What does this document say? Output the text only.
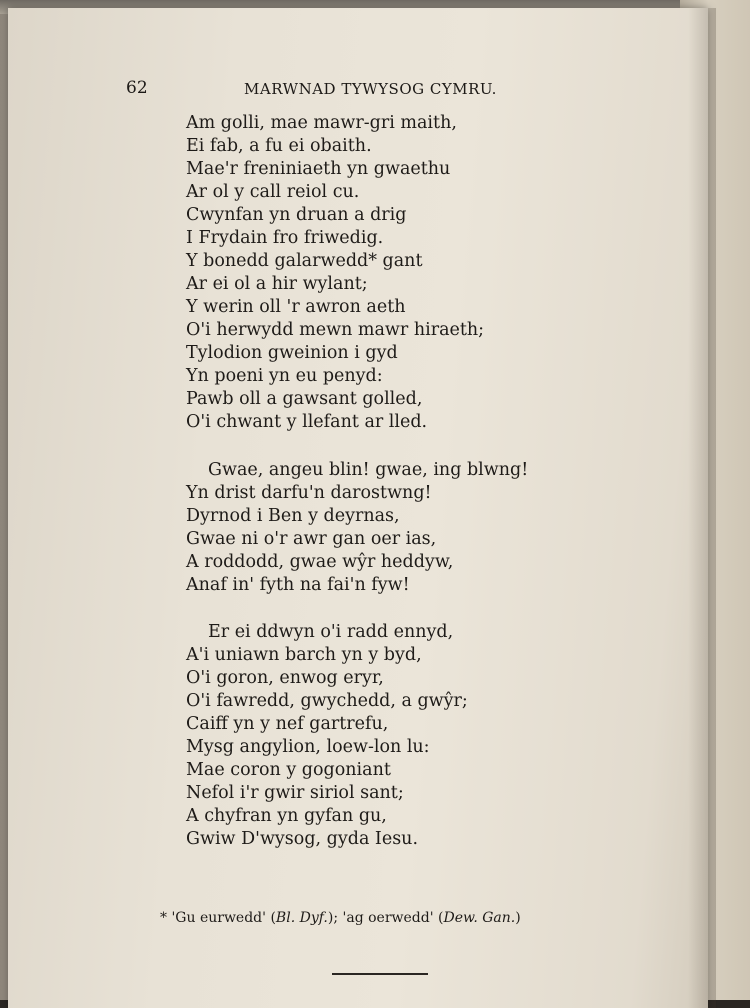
62	MARWNAD TYWYSOG CYMRU.
Am golli, mae mawr-gri maith,
Ei fab, a fu ei obaith.
Mae'r freniniaeth yn gwaethu
Ar ol y call reiol cu.
Cwynfan yn druan a drig
I Frydain fro friwedig.
Y bonedd galarwedd* gant
Ar ei ol a hir wylant;
Y werin oll 'r awron aeth
O'i herwydd mewn mawr hiraeth;
Tylodion gweinion i gyd
Yn poeni yn eu penyd:
Pawb oll a gawsant golled,
O'i chwant y llefant ar lled.
Gwae, angeu blin! gwae, ing blwng!
Yn drist darfu'n darostwng!
Dyrnod i Ben y deyrnas,
Gwae ni o'r awr gan oer ias,
A roddodd, gwae wŷr heddyw,
Anaf in' fyth na fai'n fyw!
Er ei ddwyn o'i radd ennyd,
A'i uniawn barch yn y byd,
O'i goron, enwog eryr,
O'i fawredd, gwychedd, a gwŷr;
Caiff yn y nef gartrefu,
Mysg angylion, loew-lon lu:
Mae coron y gogoniant
Nefol i'r gwir siriol sant;
A chyfran yn gyfan gu,
Gwiw D'wysog, gyda Iesu.
* 'Gu eurwedd' (Bl. Dyf.); 'ag oerwedd' (Dew. Gan.)
